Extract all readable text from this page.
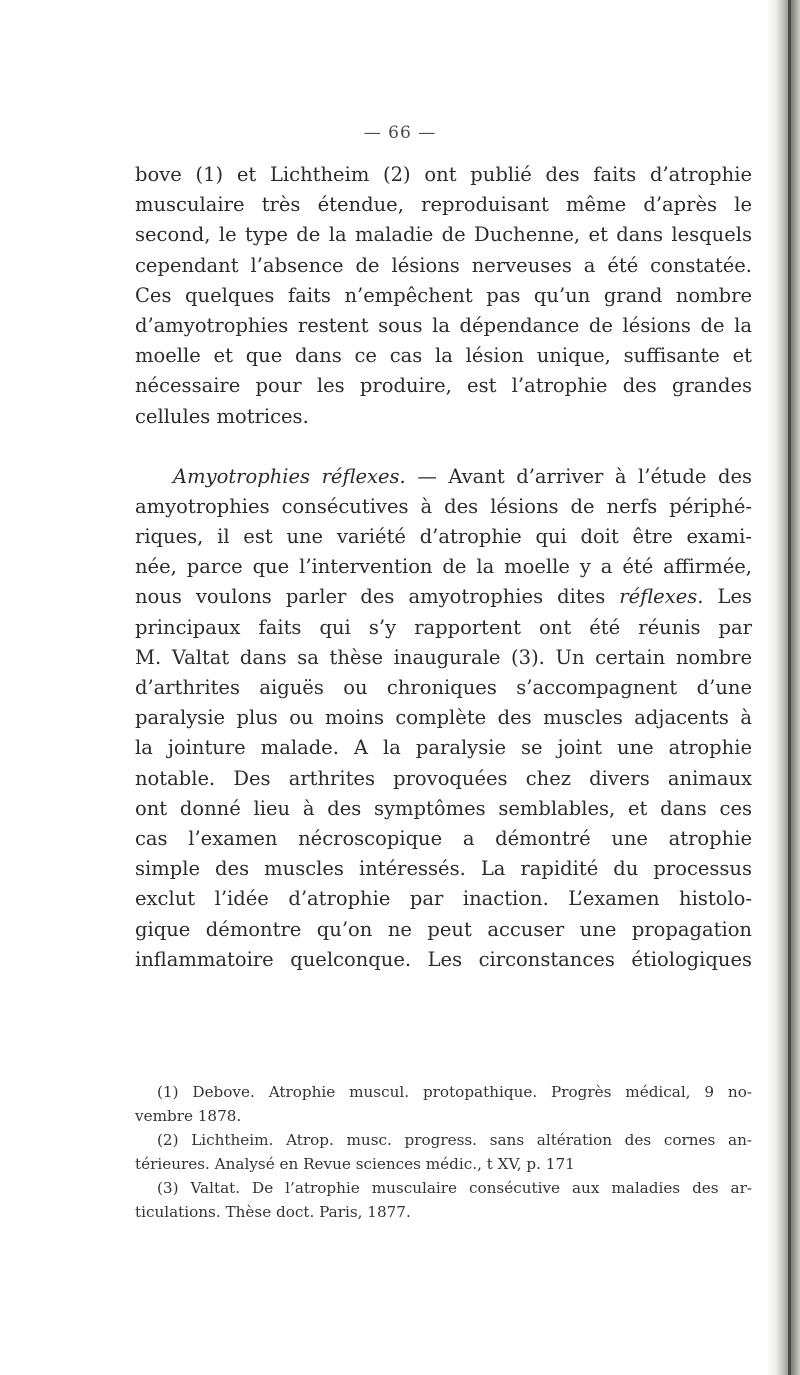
— 66 —
bove (1) et Lichtheim (2) ont publié des faits d’atrophie
musculaire très étendue, reproduisant même d’après le
second, le type de la maladie de Duchenne, et dans lesquels
cependant l’absence de lésions nerveuses a été constatée.
Ces quelques faits n’empêchent pas qu’un grand nombre
d’amyotrophies restent sous la dépendance de lésions de la
moelle et que dans ce cas la lésion unique, suffisante et
nécessaire pour les produire, est l’atrophie des grandes
cellules motrices.
Amyotrophies réflexes. — Avant d’arriver à l’étude des
amyotrophies consécutives à des lésions de nerfs périphé-
riques, il est une variété d’atrophie qui doit être exami-
née, parce que l’intervention de la moelle y a été affirmée,
nous voulons parler des amyotrophies dites réflexes. Les
principaux faits qui s’y rapportent ont été réunis par
M. Valtat dans sa thèse inaugurale (3). Un certain nombre
d’arthrites aiguës ou chroniques s’accompagnent d’une
paralysie plus ou moins complète des muscles adjacents à
la jointure malade. A la paralysie se joint une atrophie
notable. Des arthrites provoquées chez divers animaux
ont donné lieu à des symptômes semblables, et dans ces
cas l’examen nécroscopique a démontré une atrophie
simple des muscles intéressés. La rapidité du processus
exclut l’idée d’atrophie par inaction. L’examen histolo-
gique démontre qu’on ne peut accuser une propagation
inflammatoire quelconque. Les circonstances étiologiques
(1) Debove. Atrophie muscul. protopathique. Progrès médical, 9 no-
vembre 1878.
(2) Lichtheim. Atrop. musc. progress. sans altération des cornes an-
térieures. Analysé en Revue sciences médic., t XV, p. 171
(3) Valtat. De l’atrophie musculaire consécutive aux maladies des ar-
ticulations. Thèse doct. Paris, 1877.
